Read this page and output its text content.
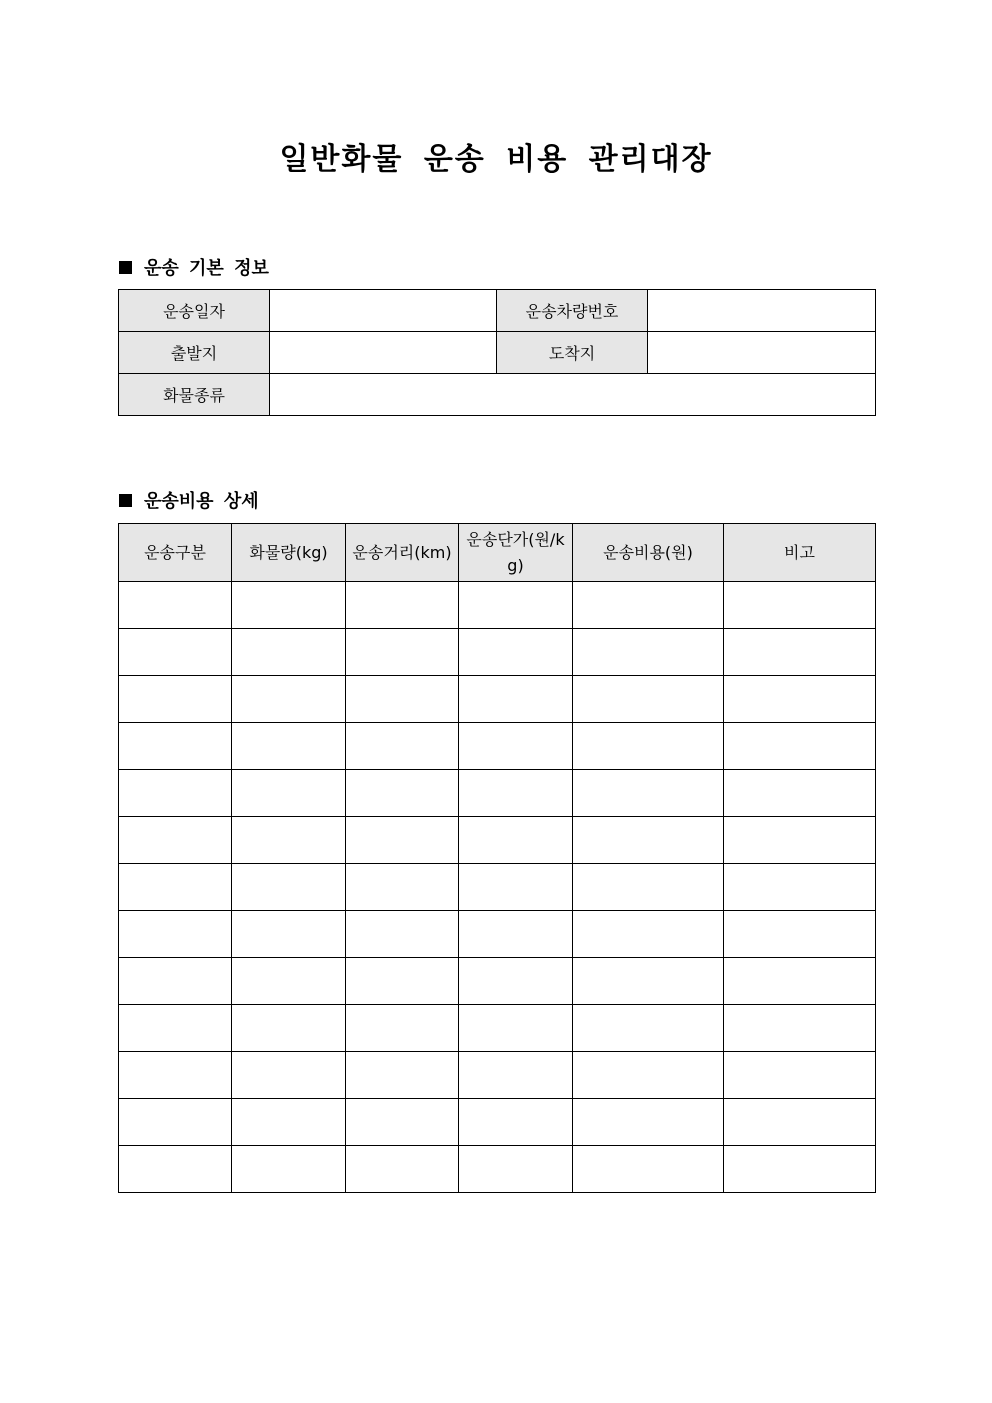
일반화물 운송 비용 관리대장
운송 기본 정보
운송일자		운송차량번호	
출발지		도착지	
화물종류			
운송비용 상세
운송구분	화물량(kg)	운송거리(km)	운송단가(원/kg)	운송비용(원)	비고
